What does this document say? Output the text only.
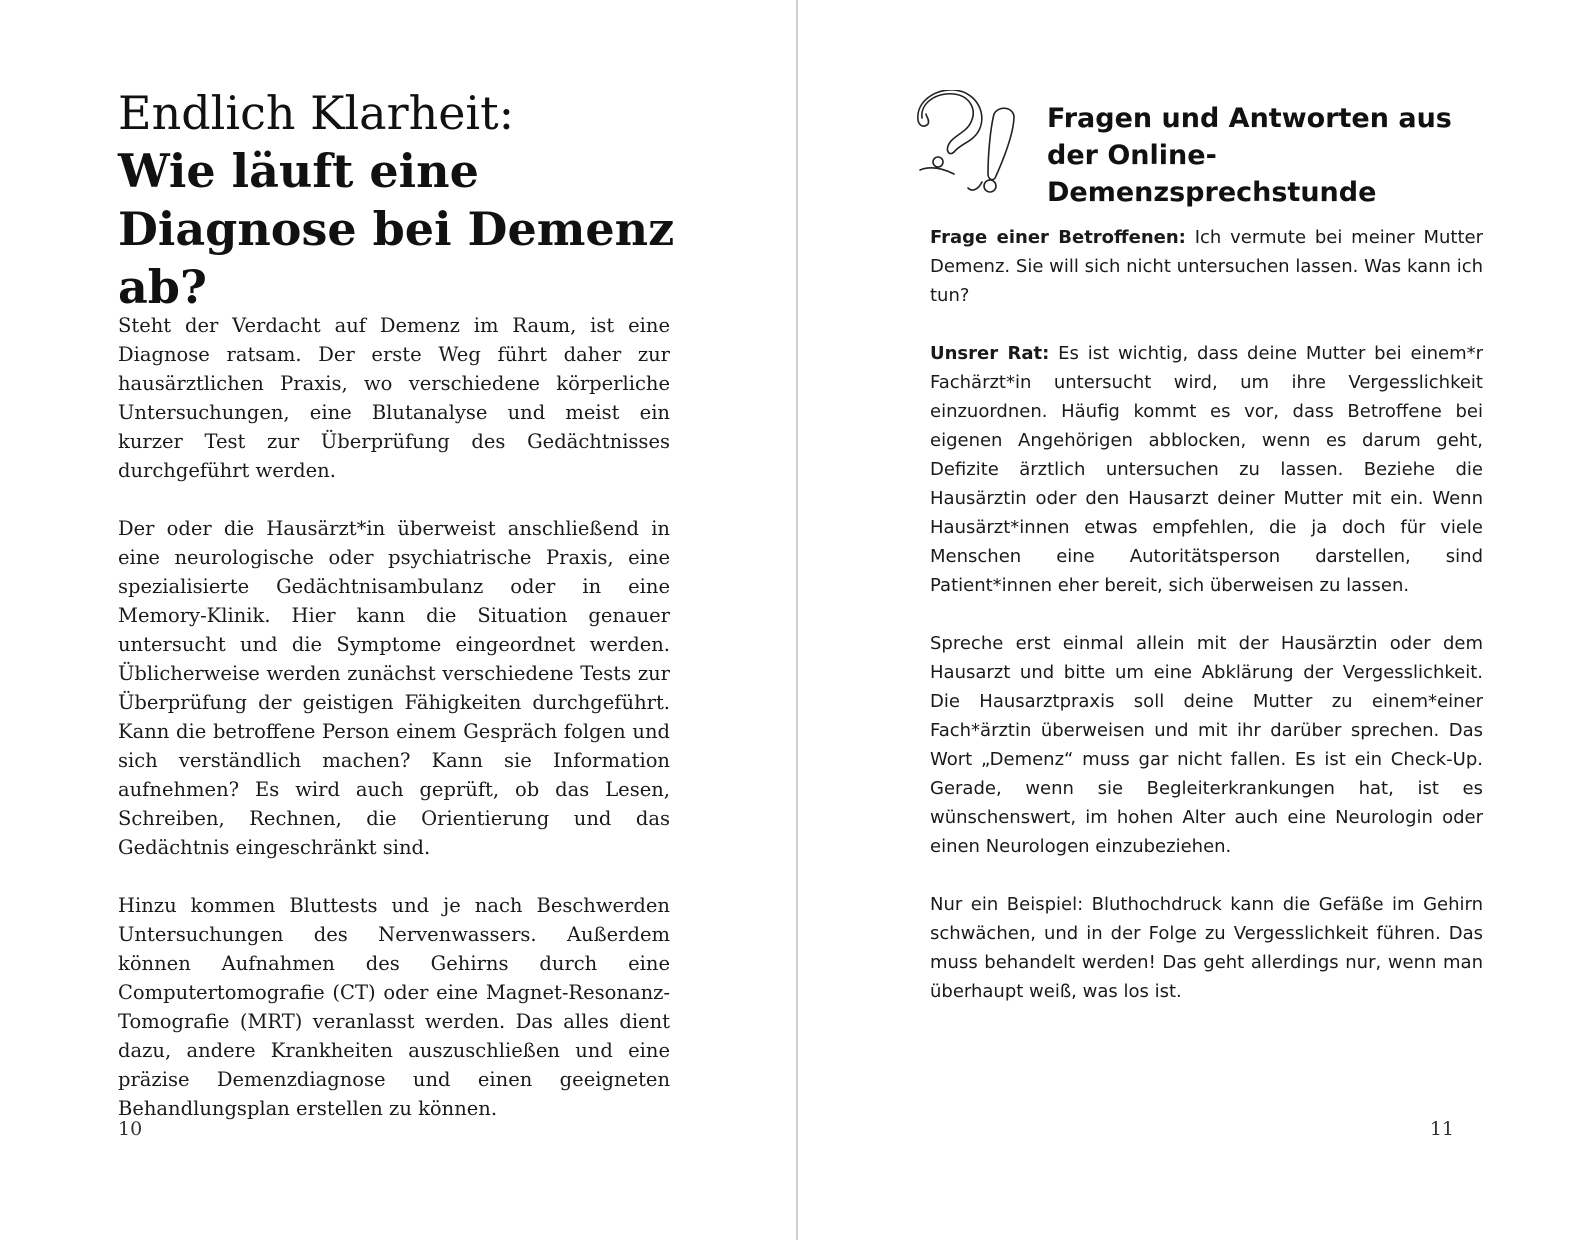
Endlich Klarheit:
Wie läuft eine Diagnose bei Demenz ab?

Steht der Verdacht auf Demenz im Raum, ist eine Diagnose ratsam. Der erste Weg führt daher zur hausärztlichen Praxis, wo verschiedene körperliche Untersuchungen, eine Blutanalyse und meist ein kurzer Test zur Überprüfung des Gedächtnisses durchgeführt werden.

Der oder die Hausärzt*in überweist anschließend in eine neurologische oder psychiatrische Praxis, eine spezialisierte Gedächtnisambulanz oder in eine Memory-Klinik. Hier kann die Situation genauer untersucht und die Symptome eingeordnet werden. Üblicherweise werden zunächst verschiedene Tests zur Überprüfung der geistigen Fähigkeiten durchgeführt. Kann die betroffene Person einem Gespräch folgen und sich verständlich machen? Kann sie Information aufnehmen? Es wird auch geprüft, ob das Lesen, Schreiben, Rechnen, die Orientierung und das Gedächtnis eingeschränkt sind.

Hinzu kommen Bluttests und je nach Beschwerden Untersuchungen des Nervenwassers. Außerdem können Aufnahmen des Gehirns durch eine Computertomografie (CT) oder eine Magnet-Resonanz-Tomografie (MRT) veranlasst werden. Das alles dient dazu, andere Krankheiten auszuschließen und eine präzise Demenzdiagnose und einen geeigneten Behandlungsplan erstellen zu können.

10
Fragen und Antworten aus der Online-Demenzsprechstunde

Frage einer Betroffenen: Ich vermute bei meiner Mutter Demenz. Sie will sich nicht untersuchen lassen. Was kann ich tun?

Unsrer Rat: Es ist wichtig, dass deine Mutter bei einem*r Fachärzt*in untersucht wird, um ihre Vergesslichkeit einzuordnen. Häufig kommt es vor, dass Betroffene bei eigenen Angehörigen abblocken, wenn es darum geht, Defizite ärztlich untersuchen zu lassen. Beziehe die Hausärztin oder den Hausarzt deiner Mutter mit ein. Wenn Hausärzt*innen etwas empfehlen, die ja doch für viele Menschen eine Autoritätsperson darstellen, sind Patient*innen eher bereit, sich überweisen zu lassen.

Spreche erst einmal allein mit der Hausärztin oder dem Hausarzt und bitte um eine Abklärung der Vergesslichkeit. Die Hausarztpraxis soll deine Mutter zu einem*einer Fach*ärztin überweisen und mit ihr darüber sprechen. Das Wort „Demenz“ muss gar nicht fallen. Es ist ein Check-Up. Gerade, wenn sie Begleiterkrankungen hat, ist es wünschenswert, im hohen Alter auch eine Neurologin oder einen Neurologen einzubeziehen.

Nur ein Beispiel: Bluthochdruck kann die Gefäße im Gehirn schwächen, und in der Folge zu Vergesslichkeit führen. Das muss behandelt werden! Das geht allerdings nur, wenn man überhaupt weiß, was los ist.

11
